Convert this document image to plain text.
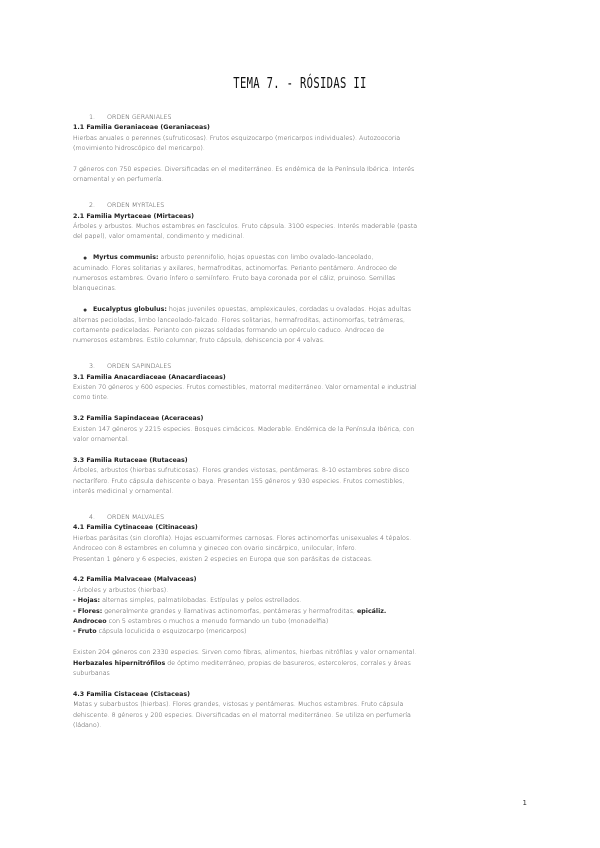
TEMA 7. - RÓSIDAS II

1. ORDEN GERANIALES

1.1 Familia Geraniaceae (Geraniaceas)

Hierbas anuales o perennes (sufruticosas). Frutos esquizocarpo (mericarpos individuales). Autozoocoria

(movimiento hidroscópico del mericarpo).

7 géneros con 750 especies. Diversificadas en el mediterráneo. Es endémica de la Península Ibérica. Interés

ornamental y en perfumería.

2. ORDEN MYRTALES

2.1 Familia Myrtaceae (Mirtaceas)

Árboles y arbustos. Muchos estambres en fascículos. Fruto cápsula. 3100 especies. Interés maderable (pasta

del papel), valor ornamental, condimento y medicinal.

● Myrtus communis: arbusto perennifolio, hojas opuestas con limbo ovalado-lanceolado,

acuminado. Flores solitarias y axilares, hermafroditas, actinomorfas. Perianto pentámero. Androceo de

numerosos estambres. Ovario ínfero o semiínfero. Fruto baya coronada por el cáliz, pruinoso. Semillas

blanquecinas.

● Eucalyptus globulus: hojas juveniles opuestas, amplexicaules, cordadas u ovaladas. Hojas adultas

alternas pecioladas, limbo lanceolado-falcado. Flores solitarias, hermafroditas, actinomorfas, tetrámeras,

cortamente pediceladas. Perianto con piezas soldadas formando un opérculo caduco. Androceo de

numerosos estambres. Estilo columnar, fruto cápsula, dehiscencia por 4 valvas.

3. ORDEN SAPINDALES

3.1 Familia Anacardiaceae (Anacardiaceas)

Existen 70 géneros y 600 especies. Frutos comestibles, matorral mediterráneo. Valor ornamental e industrial

como tinte.

3.2 Familia Sapindaceae (Aceraceas)

Existen 147 géneros y 2215 especies. Bosques cimácicos. Maderable. Endémica de la Península Ibérica, con

valor ornamental.

3.3 Familia Rutaceae (Rutaceas)

Árboles, arbustos (hierbas sufruticosas). Flores grandes vistosas, pentámeras. 8-10 estambres sobre disco

nectarífero. Fruto cápsula dehiscente o baya. Presentan 155 géneros y 930 especies. Frutos comestibles,

interés medicinal y ornamental.

4. ORDEN MALVALES

4.1 Familia Cytinaceae (Citinaceas)

Hierbas parásitas (sin clorofila). Hojas escuamiformes carnosas. Flores actinomorfas unisexuales 4 tépalos.

Androceo con 8 estambres en columna y gineceo con ovario sincárpico, unilocular, ínfero.

Presentan 1 género y 6 especies, existen 2 especies en Europa que son parásitas de cistaceas.

4.2 Familia Malvaceae (Malvaceas)

- Árboles y arbustos (hierbas).

- Hojas: alternas simples, palmatilobadas. Estípulas y pelos estrellados.

- Flores: generalmente grandes y llamativas actinomorfas, pentámeras y hermafroditas, epicáliz.

Androceo con 5 estambres o muchos a menudo formando un tubo (monadelfia)

- Fruto cápsula loculicida o esquizocarpo (mericarpos)

Existen 204 géneros con 2330 especies. Sirven como fibras, alimentos, hierbas nitrófilas y valor ornamental.

Herbazales hipernitrófilos de óptimo mediterráneo, propias de basureros, estercoleros, corrales y áreas

suburbanas

4.3 Familia Cistaceae (Cistaceas)

Matas y subarbustos (hierbas). Flores grandes, vistosas y pentámeras. Muchos estambres. Fruto cápsula

dehiscente. 8 géneros y 200 especies. Diversificadas en el matorral mediterráneo. Se utiliza en perfumería

(ládano).

1
